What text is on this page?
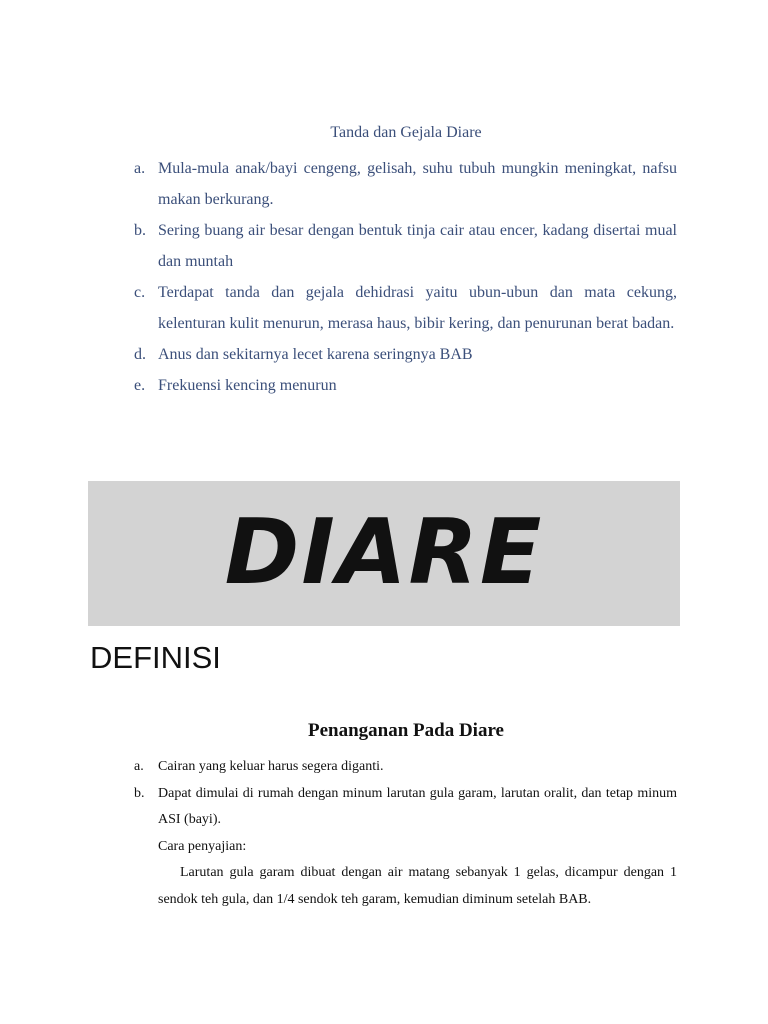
Tanda dan Gejala Diare
a. Mula-mula anak/bayi cengeng, gelisah, suhu tubuh mungkin meningkat, nafsu makan berkurang.
b. Sering buang air besar dengan bentuk tinja cair atau encer, kadang disertai mual dan muntah
c. Terdapat tanda dan gejala dehidrasi yaitu ubun-ubun dan mata cekung, kelenturan kulit menurun, merasa haus, bibir kering, dan penurunan berat badan.
d. Anus dan sekitarnya lecet karena seringnya BAB
e. Frekuensi kencing menurun
DIARE
DEFINISI
Penanganan Pada Diare
a. Cairan yang keluar harus segera diganti.
b. Dapat dimulai di rumah dengan minum larutan gula garam, larutan oralit, dan tetap minum ASI (bayi).
Cara penyajian:
Larutan gula garam dibuat dengan air matang sebanyak 1 gelas, dicampur dengan 1 sendok teh gula, dan 1/4 sendok teh garam, kemudian diminum setelah BAB.
